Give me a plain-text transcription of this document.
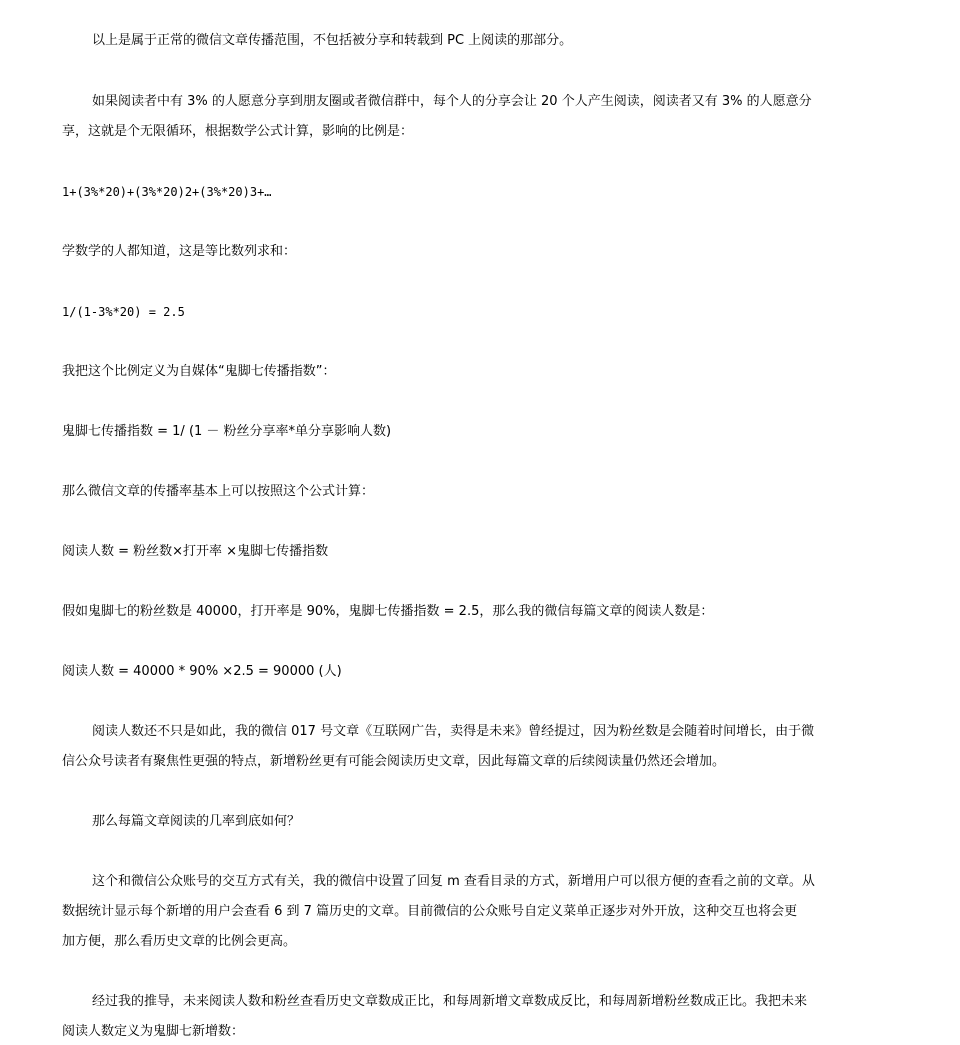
以上是属于正常的微信文章传播范围，不包括被分享和转载到 PC 上阅读的那部分。
如果阅读者中有 3% 的人愿意分享到朋友圈或者微信群中，每个人的分享会让 20 个人产生阅读，阅读者又有 3% 的人愿意分
享，这就是个无限循环，根据数学公式计算，影响的比例是：
1+(3%*20)+(3%*20)2+(3%*20)3+…
学数学的人都知道，这是等比数列求和：
1/(1-3%*20) = 2.5
我把这个比例定义为自媒体“鬼脚七传播指数”：
鬼脚七传播指数 = 1/ (1 － 粉丝分享率*单分享影响人数)
那么微信文章的传播率基本上可以按照这个公式计算：
阅读人数 = 粉丝数×打开率 ×鬼脚七传播指数
假如鬼脚七的粉丝数是 40000，打开率是 90%，鬼脚七传播指数 = 2.5，那么我的微信每篇文章的阅读人数是：
阅读人数 = 40000 * 90% ×2.5 = 90000 (人)
阅读人数还不只是如此，我的微信 017 号文章《互联网广告，卖得是未来》曾经提过，因为粉丝数是会随着时间增长，由于微
信公众号读者有聚焦性更强的特点，新增粉丝更有可能会阅读历史文章，因此每篇文章的后续阅读量仍然还会增加。
那么每篇文章阅读的几率到底如何？
这个和微信公众账号的交互方式有关，我的微信中设置了回复 m 查看目录的方式，新增用户可以很方便的查看之前的文章。从
数据统计显示每个新增的用户会查看 6 到 7 篇历史的文章。目前微信的公众账号自定义菜单正逐步对外开放，这种交互也将会更
加方便，那么看历史文章的比例会更高。
经过我的推导，未来阅读人数和粉丝查看历史文章数成正比，和每周新增文章数成反比，和每周新增粉丝数成正比。我把未来
阅读人数定义为鬼脚七新增数：
